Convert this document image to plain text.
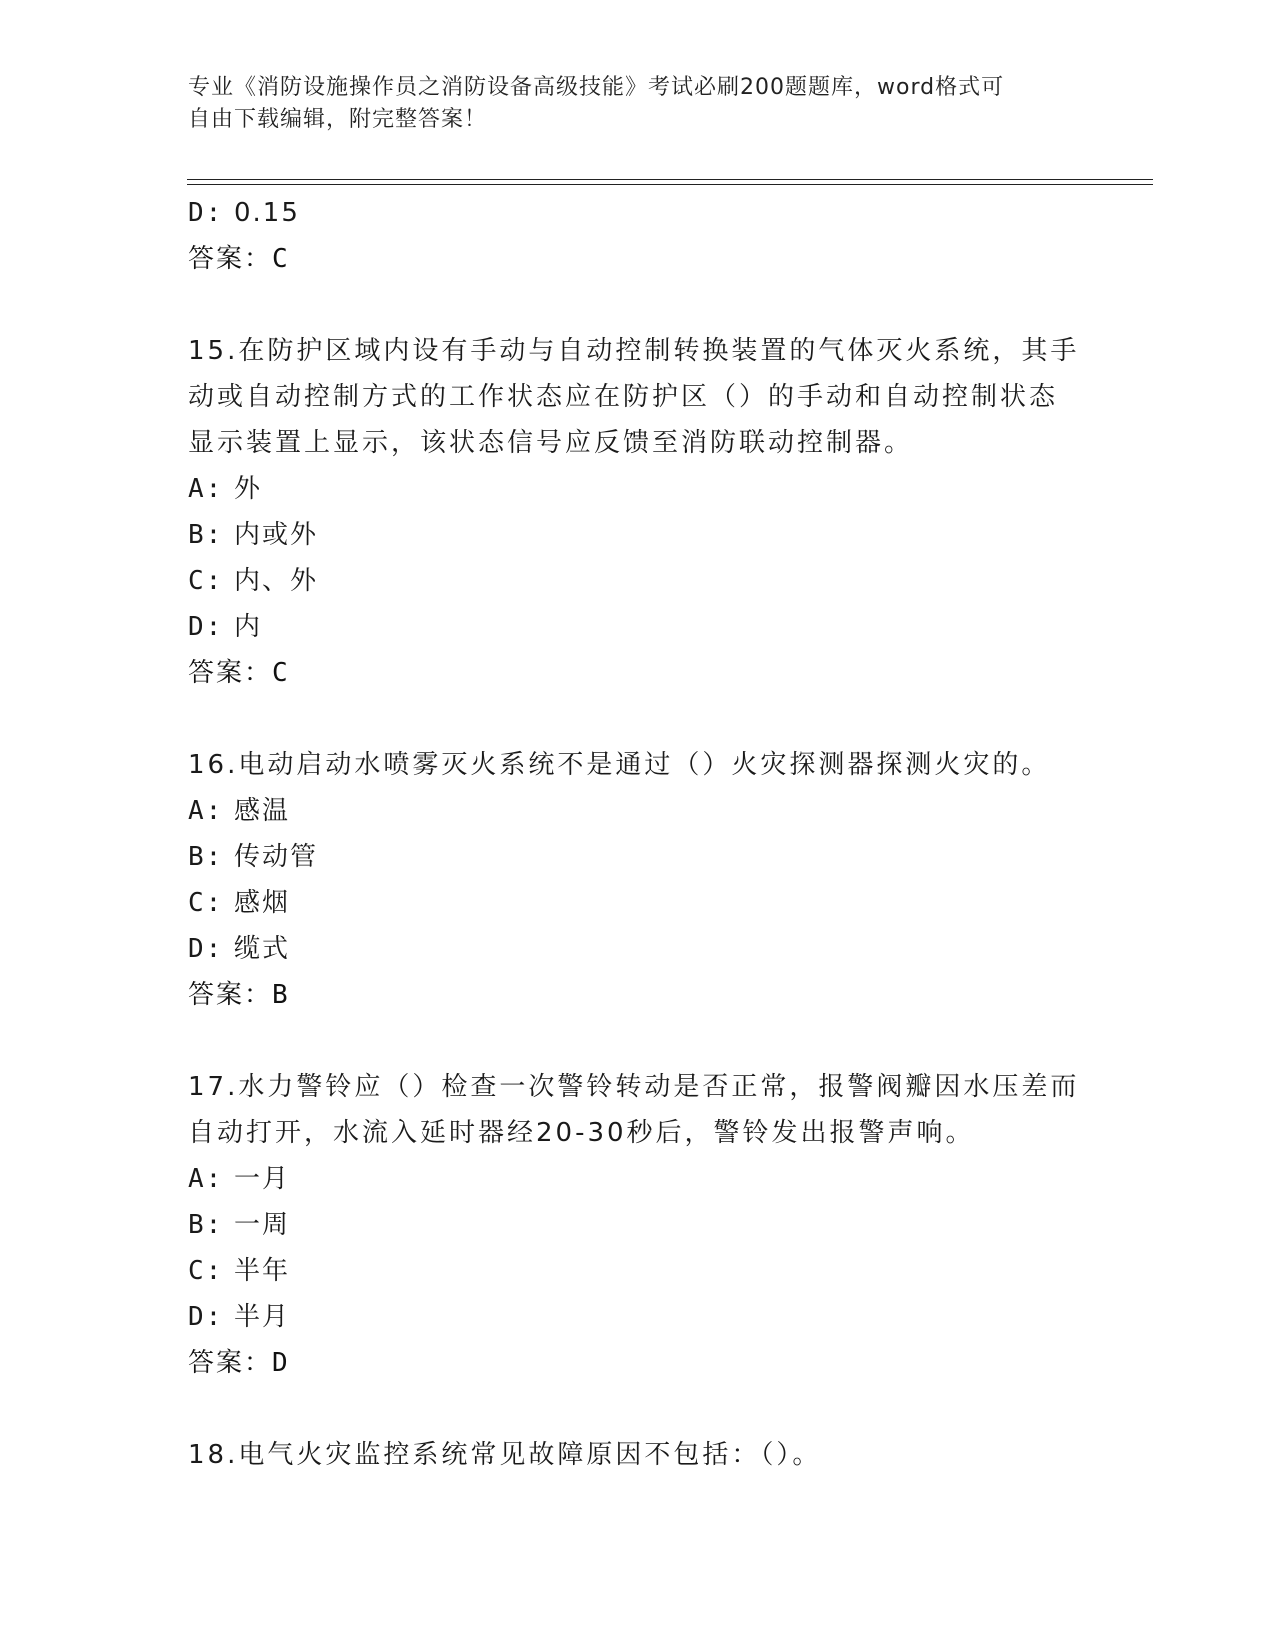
专业《消防设施操作员之消防设备高级技能》考试必刷200题题库，word格式可
自由下载编辑，附完整答案！
D: 0.15
答案：C
15.在防护区域内设有手动与自动控制转换装置的气体灭火系统，其手
动或自动控制方式的工作状态应在防护区（）的手动和自动控制状态
显示装置上显示，该状态信号应反馈至消防联动控制器。
A: 外
B: 内或外
C: 内、外
D: 内
答案：C
16.电动启动水喷雾灭火系统不是通过（）火灾探测器探测火灾的。
A: 感温
B: 传动管
C: 感烟
D: 缆式
答案：B
17.水力警铃应（）检查一次警铃转动是否正常，报警阀瓣因水压差而
自动打开，水流入延时器经20-30秒后，警铃发出报警声响。
A: 一月
B: 一周
C: 半年
D: 半月
答案：D
18.电气火灾监控系统常见故障原因不包括：（）。
